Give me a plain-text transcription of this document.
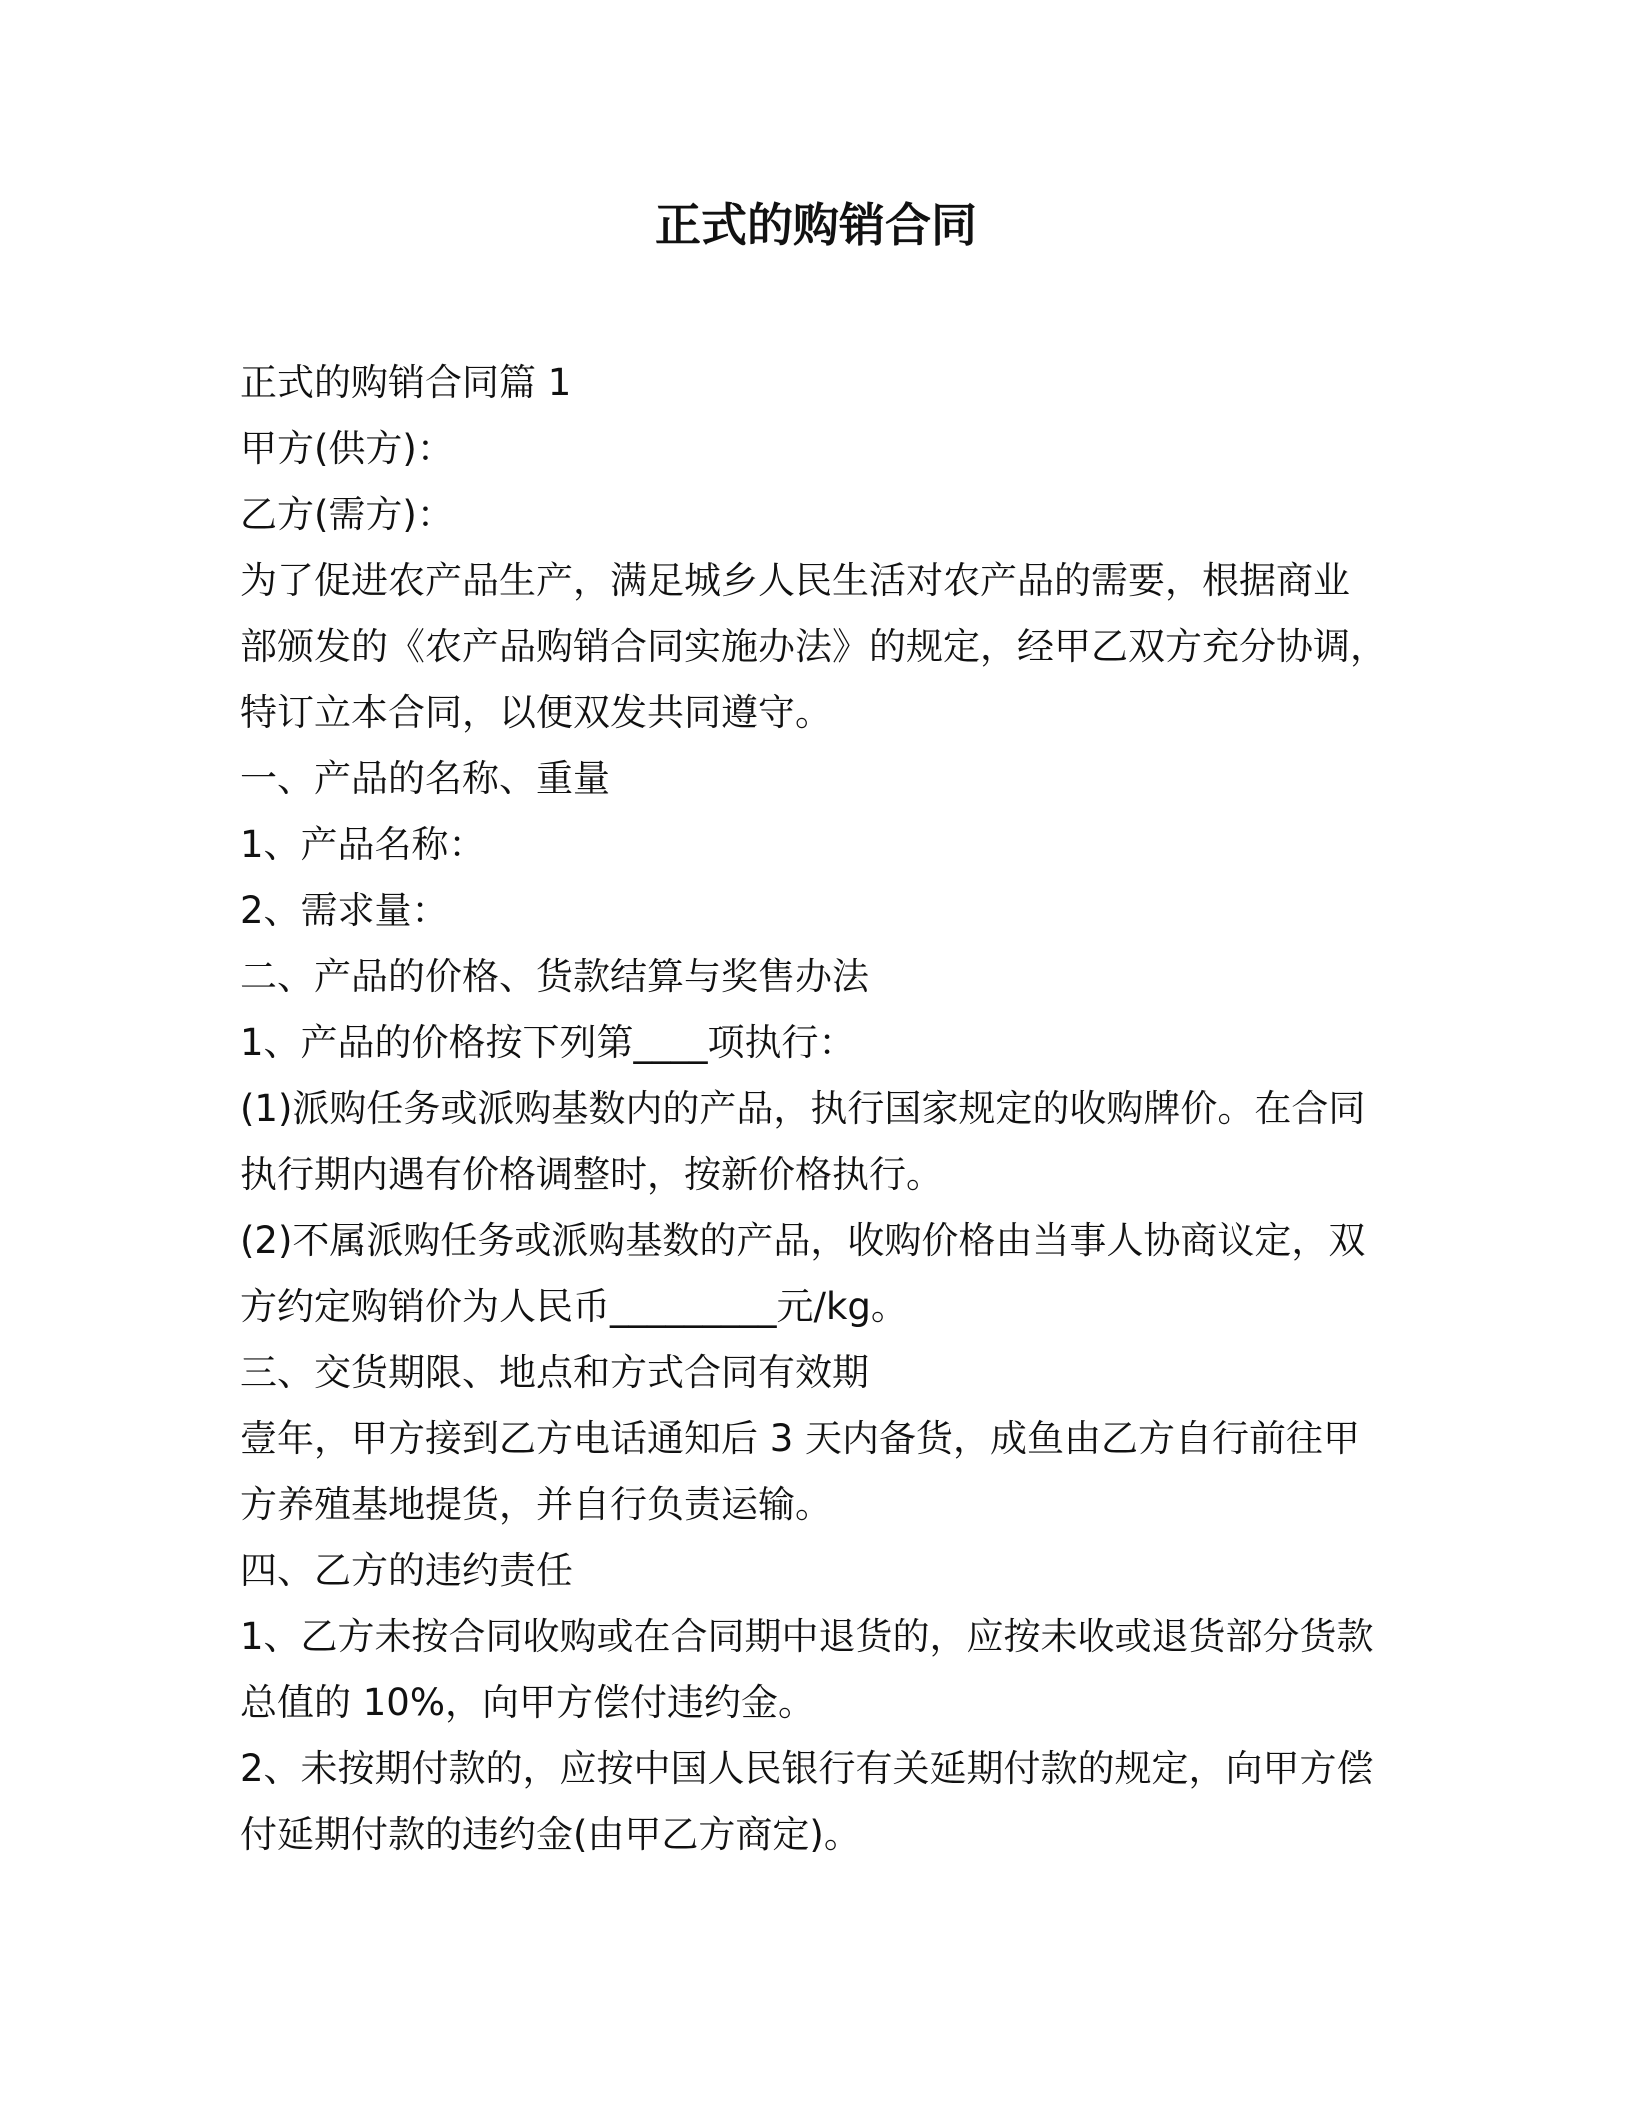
正式的购销合同
正式的购销合同篇 1
甲方(供方)：
乙方(需方)：
为了促进农产品生产，满足城乡人民生活对农产品的需要，根据商业
部颁发的《农产品购销合同实施办法》的规定，经甲乙双方充分协调，
特订立本合同，以便双发共同遵守。
一、产品的名称、重量
1、产品名称：
2、需求量：
二、产品的价格、货款结算与奖售办法
1、产品的价格按下列第____项执行：
(1)派购任务或派购基数内的产品，执行国家规定的收购牌价。在合同
执行期内遇有价格调整时，按新价格执行。
(2)不属派购任务或派购基数的产品，收购价格由当事人协商议定，双
方约定购销价为人民币_________元/kg。
三、交货期限、地点和方式合同有效期
壹年，甲方接到乙方电话通知后 3 天内备货，成鱼由乙方自行前往甲
方养殖基地提货，并自行负责运输。
四、乙方的违约责任
1、乙方未按合同收购或在合同期中退货的，应按未收或退货部分货款
总值的 10%，向甲方偿付违约金。
2、未按期付款的，应按中国人民银行有关延期付款的规定，向甲方偿
付延期付款的违约金(由甲乙方商定)。
